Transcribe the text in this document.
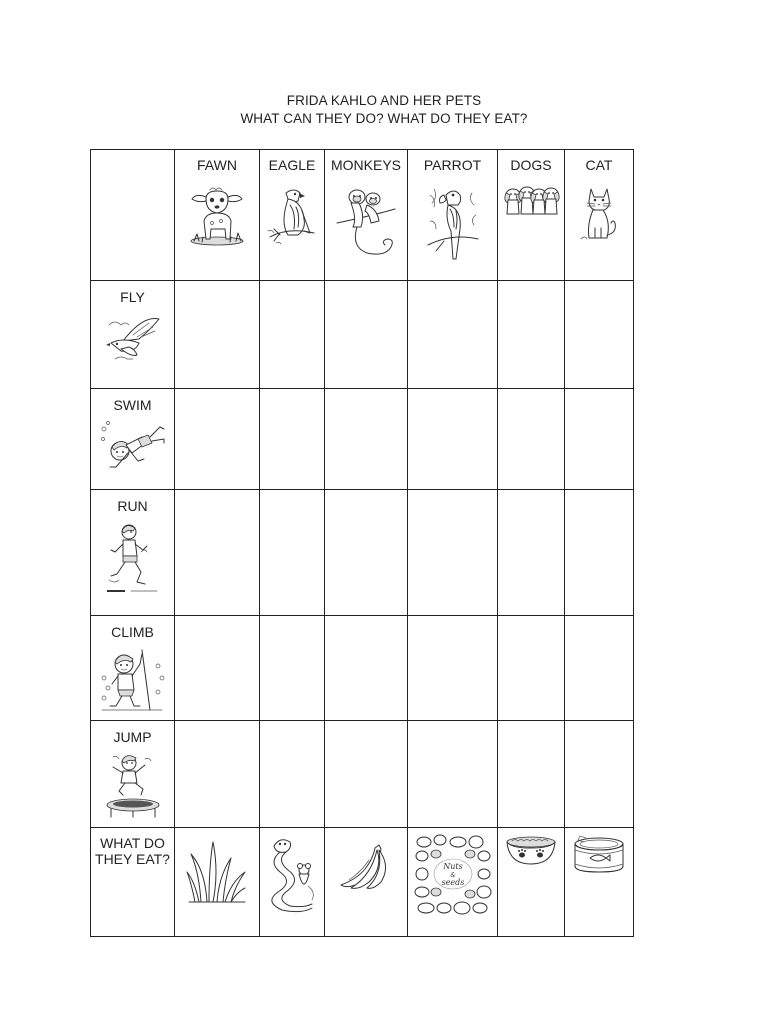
FRIDA KAHLO AND HER PETS
WHAT CAN THEY DO? WHAT DO THEY EAT?

	FAWN	EAGLE	MONKEYS	PARROT	DOGS	CAT

FLY						

SWIM						

RUN						

CLIMB						

JUMP						

WHAT DO THEY EAT?				Nuts
&
seeds
